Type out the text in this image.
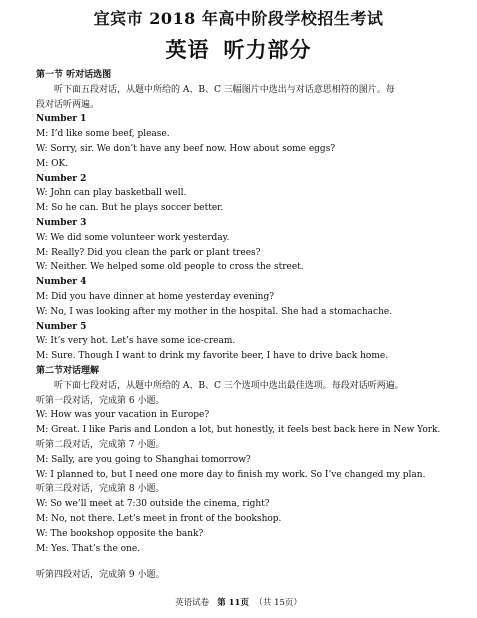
宜宾市 2018 年高中阶段学校招生考试
英语 听力部分
第一节 听对话选图
听下面五段对话，从题中所给的 A、B、C 三幅图片中选出与对话意思相符的图片。每
段对话听两遍。
Number 1
M: I’d like some beef, please.
W: Sorry, sir. We don’t have any beef now. How about some eggs?
M: OK.
Number 2
W: John can play basketball well.
M: So he can. But he plays soccer better.
Number 3
W: We did some volunteer work yesterday.
M: Really? Did you clean the park or plant trees?
W: Neither. We helped some old people to cross the street.
Number 4
M: Did you have dinner at home yesterday evening?
W: No, I was looking after my mother in the hospital. She had a stomachache.
Number 5
W: It’s very hot. Let’s have some ice-cream.
M: Sure. Though I want to drink my favorite beer, I have to drive back home.
第二节对话理解
听下面七段对话，从题中所给的 A、B、C 三个选项中选出最佳选项。每段对话听两遍。
听第一段对话，完成第 6 小题。
W: How was your vacation in Europe?
M: Great. I like Paris and London a lot, but honestly, it feels best back here in New York.
听第二段对话，完成第 7 小题。
M: Sally, are you going to Shanghai tomorrow?
W: I planned to, but I need one more day to finish my work. So I’ve changed my plan.
听第三段对话，完成第 8 小题。
W: So we’ll meet at 7:30 outside the cinema, right?
M: No, not there. Let’s meet in front of the bookshop.
W: The bookshop opposite the bank?
M: Yes. That’s the one.
听第四段对话，完成第 9 小题。
英语试卷 第 11页 （共 15页）
